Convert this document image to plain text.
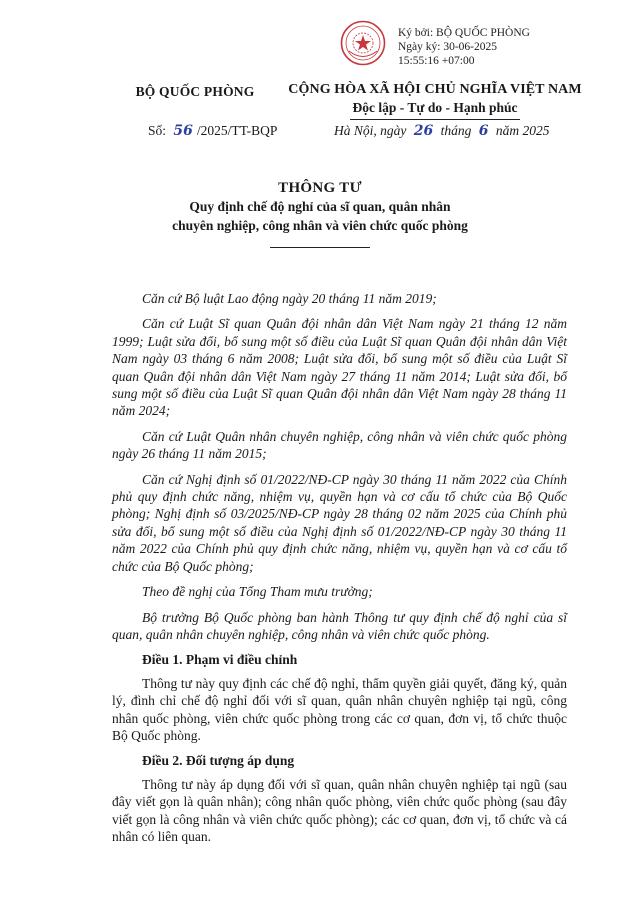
Ký bởi: BỘ QUỐC PHÒNG
Ngày ký: 30-06-2025
15:55:16 +07:00
BỘ QUỐC PHÒNG	CỘNG HÒA XÃ HỘI CHỦ NGHĨA VIỆT NAM
Độc lập - Tự do - Hạnh phúc
Số: 56 /2025/TT-BQP	Hà Nội, ngày 26 tháng 6 năm 2025
THÔNG TƯ
Quy định chế độ nghỉ của sĩ quan, quân nhân
chuyên nghiệp, công nhân và viên chức quốc phòng

Căn cứ Bộ luật Lao động ngày 20 tháng 11 năm 2019;

Căn cứ Luật Sĩ quan Quân đội nhân dân Việt Nam ngày 21 tháng 12 năm 1999; Luật sửa đổi, bổ sung một số điều của Luật Sĩ quan Quân đội nhân dân Việt Nam ngày 03 tháng 6 năm 2008; Luật sửa đổi, bổ sung một số điều của Luật Sĩ quan Quân đội nhân dân Việt Nam ngày 27 tháng 11 năm 2014; Luật sửa đổi, bổ sung một số điều của Luật Sĩ quan Quân đội nhân dân Việt Nam ngày 28 tháng 11 năm 2024;

Căn cứ Luật Quân nhân chuyên nghiệp, công nhân và viên chức quốc phòng ngày 26 tháng 11 năm 2015;

Căn cứ Nghị định số 01/2022/NĐ-CP ngày 30 tháng 11 năm 2022 của Chính phủ quy định chức năng, nhiệm vụ, quyền hạn và cơ cấu tổ chức của Bộ Quốc phòng; Nghị định số 03/2025/NĐ-CP ngày 28 tháng 02 năm 2025 của Chính phủ sửa đổi, bổ sung một số điều của Nghị định số 01/2022/NĐ-CP ngày 30 tháng 11 năm 2022 của Chính phủ quy định chức năng, nhiệm vụ, quyền hạn và cơ cấu tổ chức của Bộ Quốc phòng;

Theo đề nghị của Tổng Tham mưu trưởng;

Bộ trưởng Bộ Quốc phòng ban hành Thông tư quy định chế độ nghỉ của sĩ quan, quân nhân chuyên nghiệp, công nhân và viên chức quốc phòng.

Điều 1. Phạm vi điều chỉnh

Thông tư này quy định các chế độ nghỉ, thẩm quyền giải quyết, đăng ký, quản lý, đình chỉ chế độ nghỉ đối với sĩ quan, quân nhân chuyên nghiệp tại ngũ, công nhân quốc phòng, viên chức quốc phòng trong các cơ quan, đơn vị, tổ chức thuộc Bộ Quốc phòng.

Điều 2. Đối tượng áp dụng

Thông tư này áp dụng đối với sĩ quan, quân nhân chuyên nghiệp tại ngũ (sau đây viết gọn là quân nhân); công nhân quốc phòng, viên chức quốc phòng (sau đây viết gọn là công nhân và viên chức quốc phòng); các cơ quan, đơn vị, tổ chức và cá nhân có liên quan.
